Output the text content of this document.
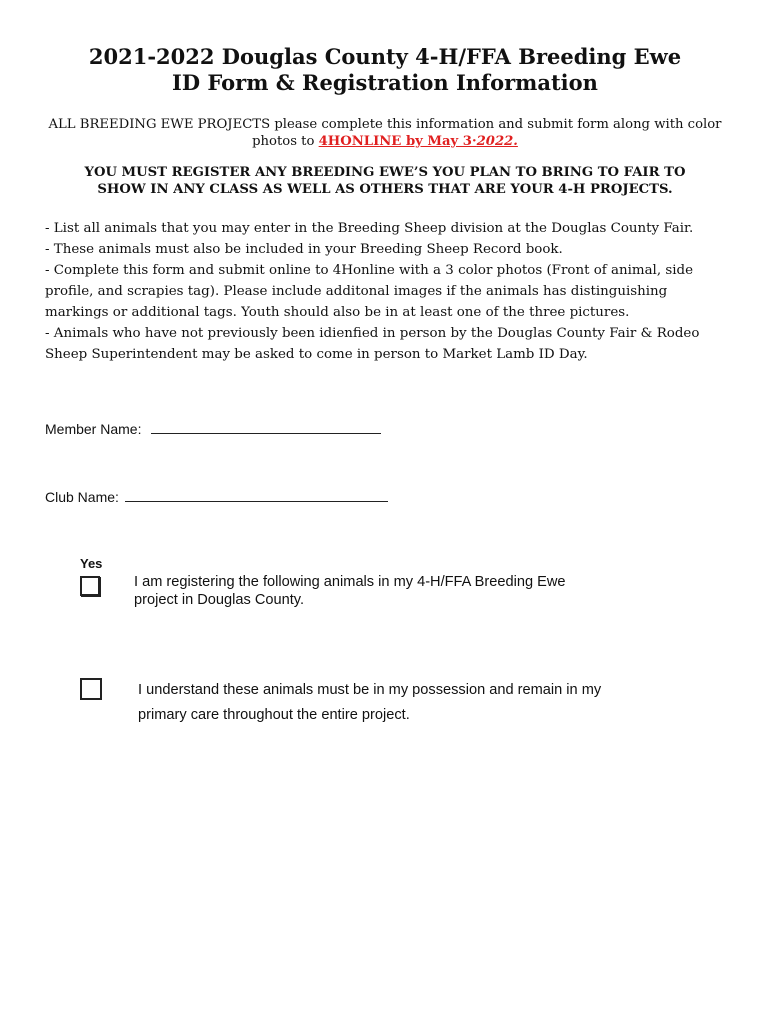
2021-2022 Douglas County 4-H/FFA Breeding Ewe
ID Form & Registration Information
ALL BREEDING EWE PROJECTS please complete this information and submit form along with color photos to 4HONLINE by May 3·2022.
YOU MUST REGISTER ANY BREEDING EWE’S YOU PLAN TO BRING TO FAIR TO
SHOW IN ANY CLASS AS WELL AS OTHERS THAT ARE YOUR 4-H PROJECTS.

- List all animals that you may enter in the Breeding Sheep division at the Douglas County Fair.

- These animals must also be included in your Breeding Sheep Record book.

- Complete this form and submit online to 4Honline with a 3 color photos (Front of animal, side profile, and scrapies tag). Please include additonal images if the animals has distinguishing markings or additional tags. Youth should also be in at least one of the three pictures.

- Animals who have not previously been idienfied in person by the Douglas County Fair & Rodeo Sheep Superintendent may be asked to come in person to Market Lamb ID Day.

Member Name:
Club Name:
Yes
I am registering the following animals in my 4-H/FFA Breeding Ewe
project in Douglas County.
I understand these animals must be in my possession and remain in my
primary care throughout the entire project.
